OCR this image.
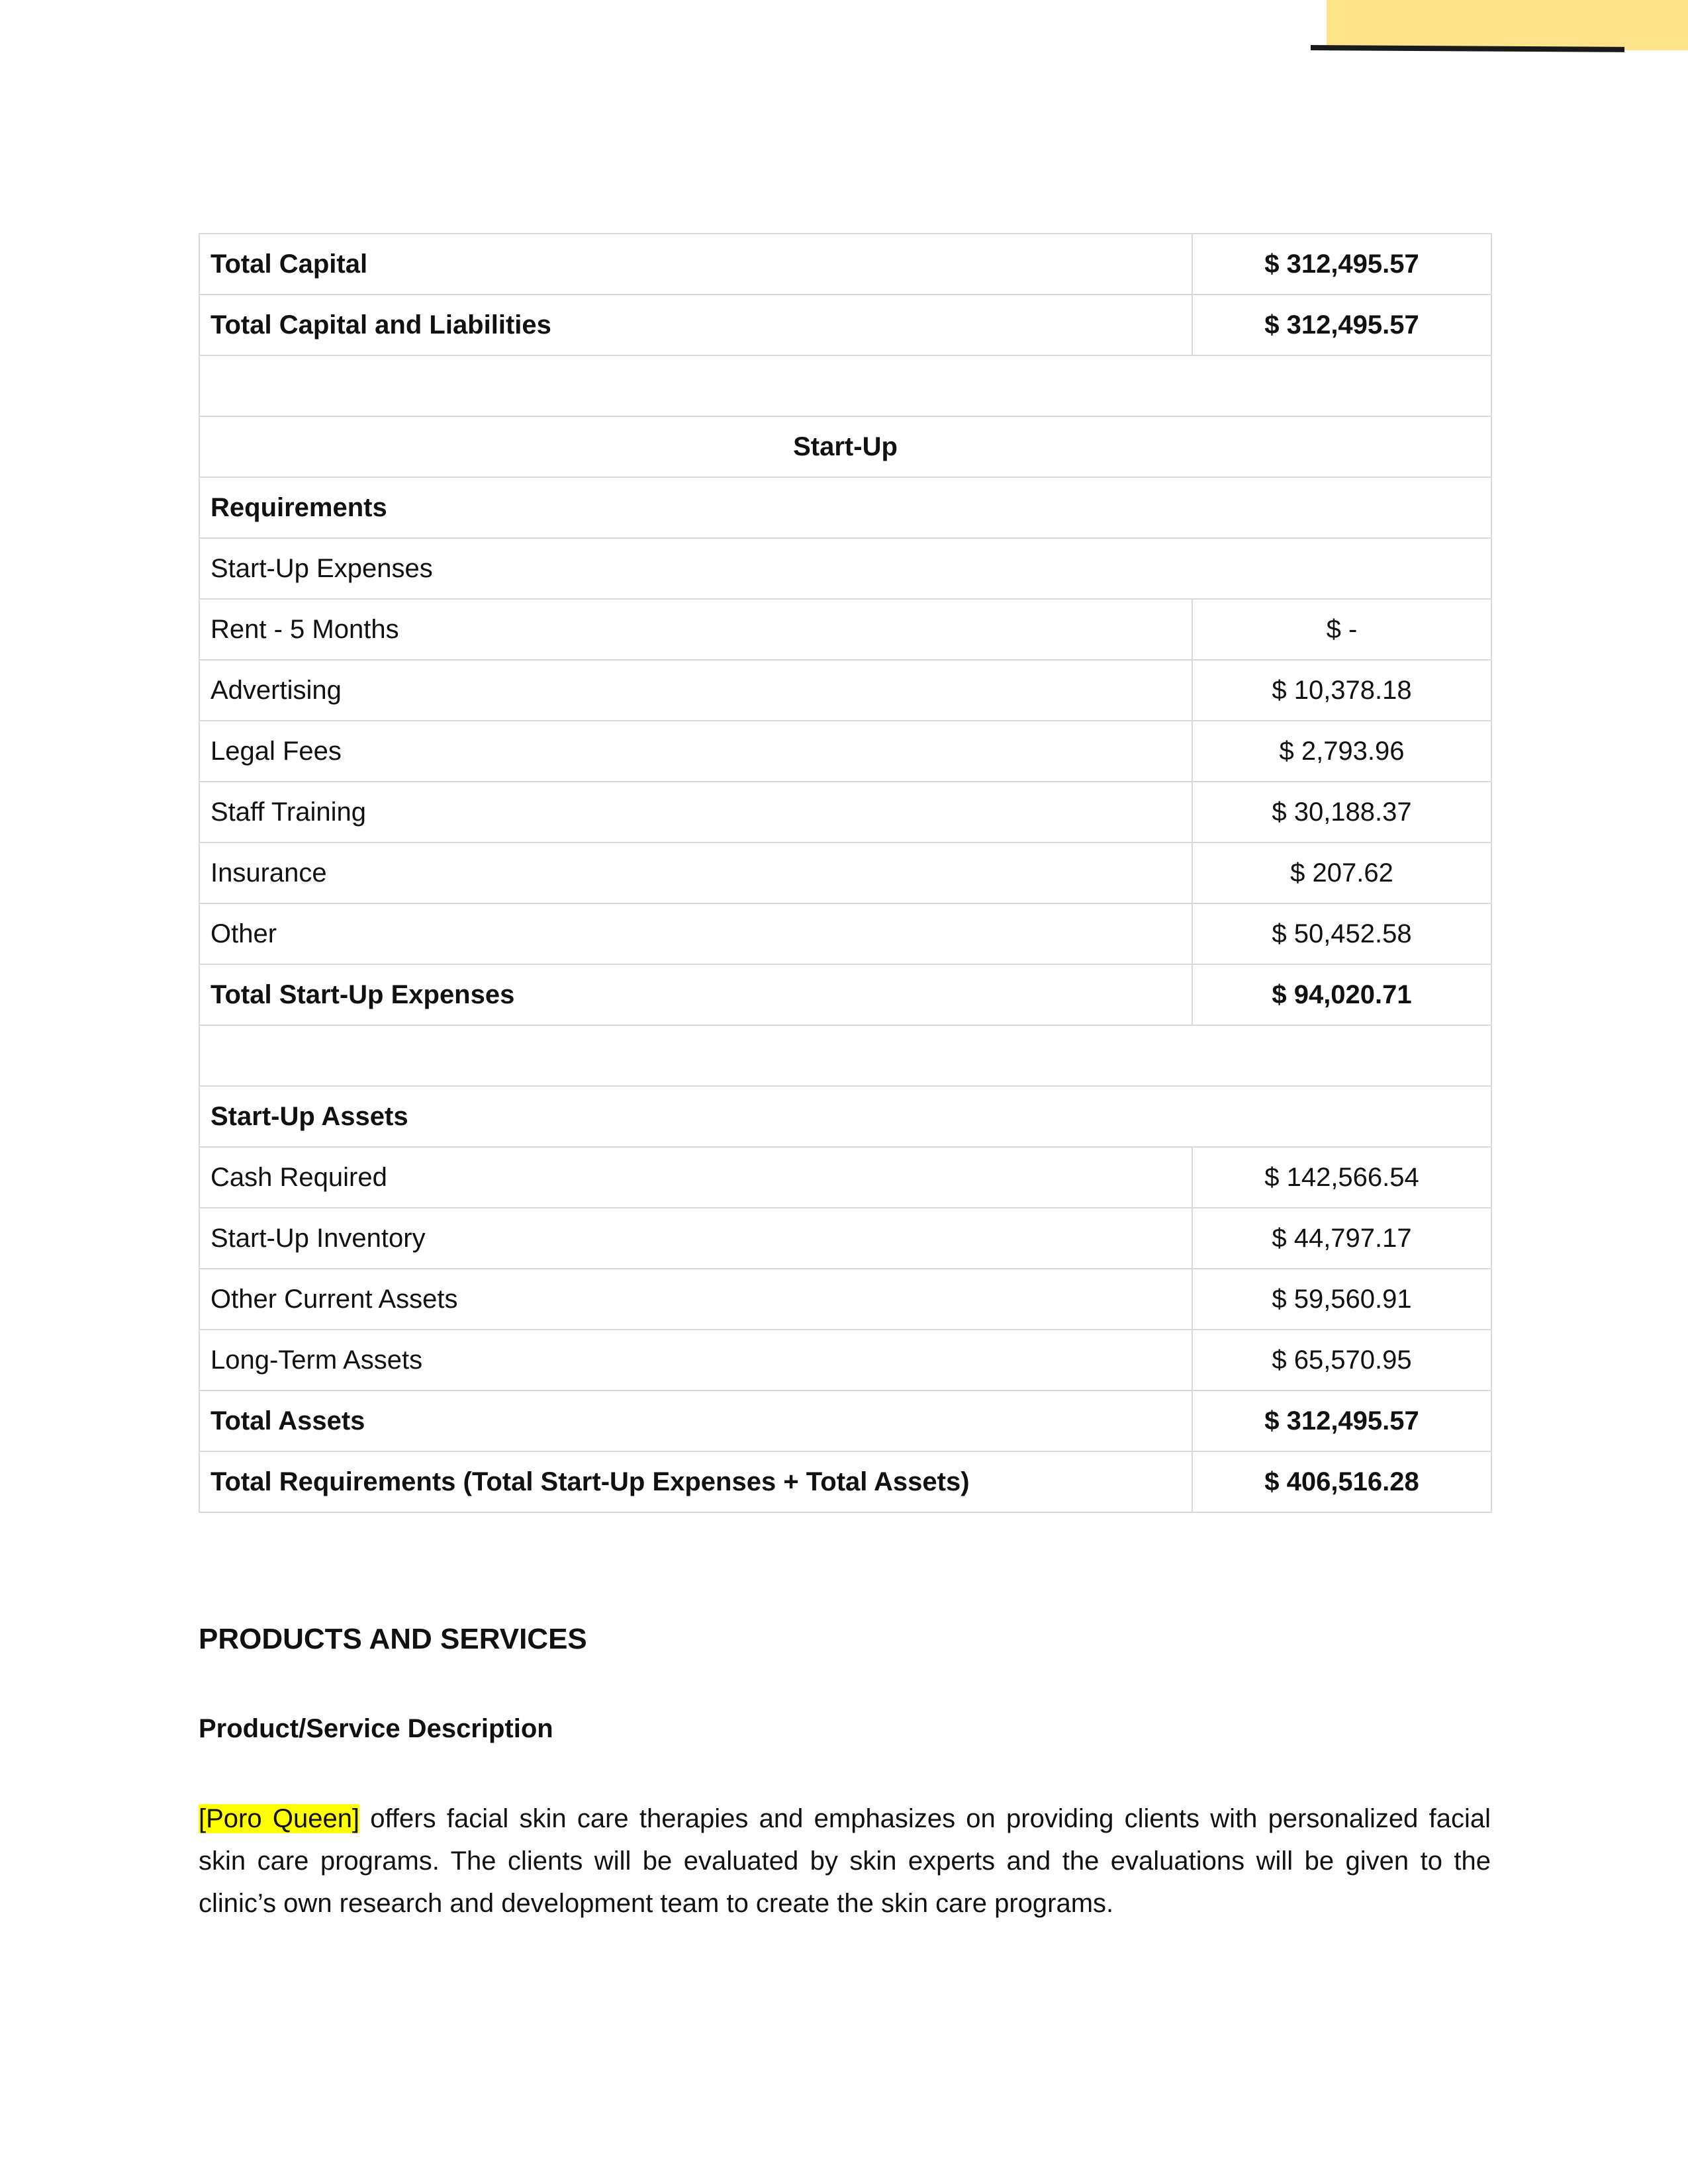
Total Capital	$ 312,495.57
Total Capital and Liabilities	$ 312,495.57

Start-Up	
Requirements	
Start-Up Expenses	
Rent - 5 Months	$ -
Advertising	$ 10,378.18
Legal Fees	$ 2,793.96
Staff Training	$ 30,188.37
Insurance	$ 207.62
Other	$ 50,452.58
Total Start-Up Expenses	$ 94,020.71

Start-Up Assets	
Cash Required	$ 142,566.54
Start-Up Inventory	$ 44,797.17
Other Current Assets	$ 59,560.91
Long-Term Assets	$ 65,570.95
Total Assets	$ 312,495.57
Total Requirements (Total Start-Up Expenses + Total Assets)	$ 406,516.28
PRODUCTS AND SERVICES
Product/Service Description

[Poro Queen] offers facial skin care therapies and emphasizes on providing clients with personalized facial skin care programs. The clients will be evaluated by skin experts and the evaluations will be given to the clinic’s own research and development team to create the skin care programs.
